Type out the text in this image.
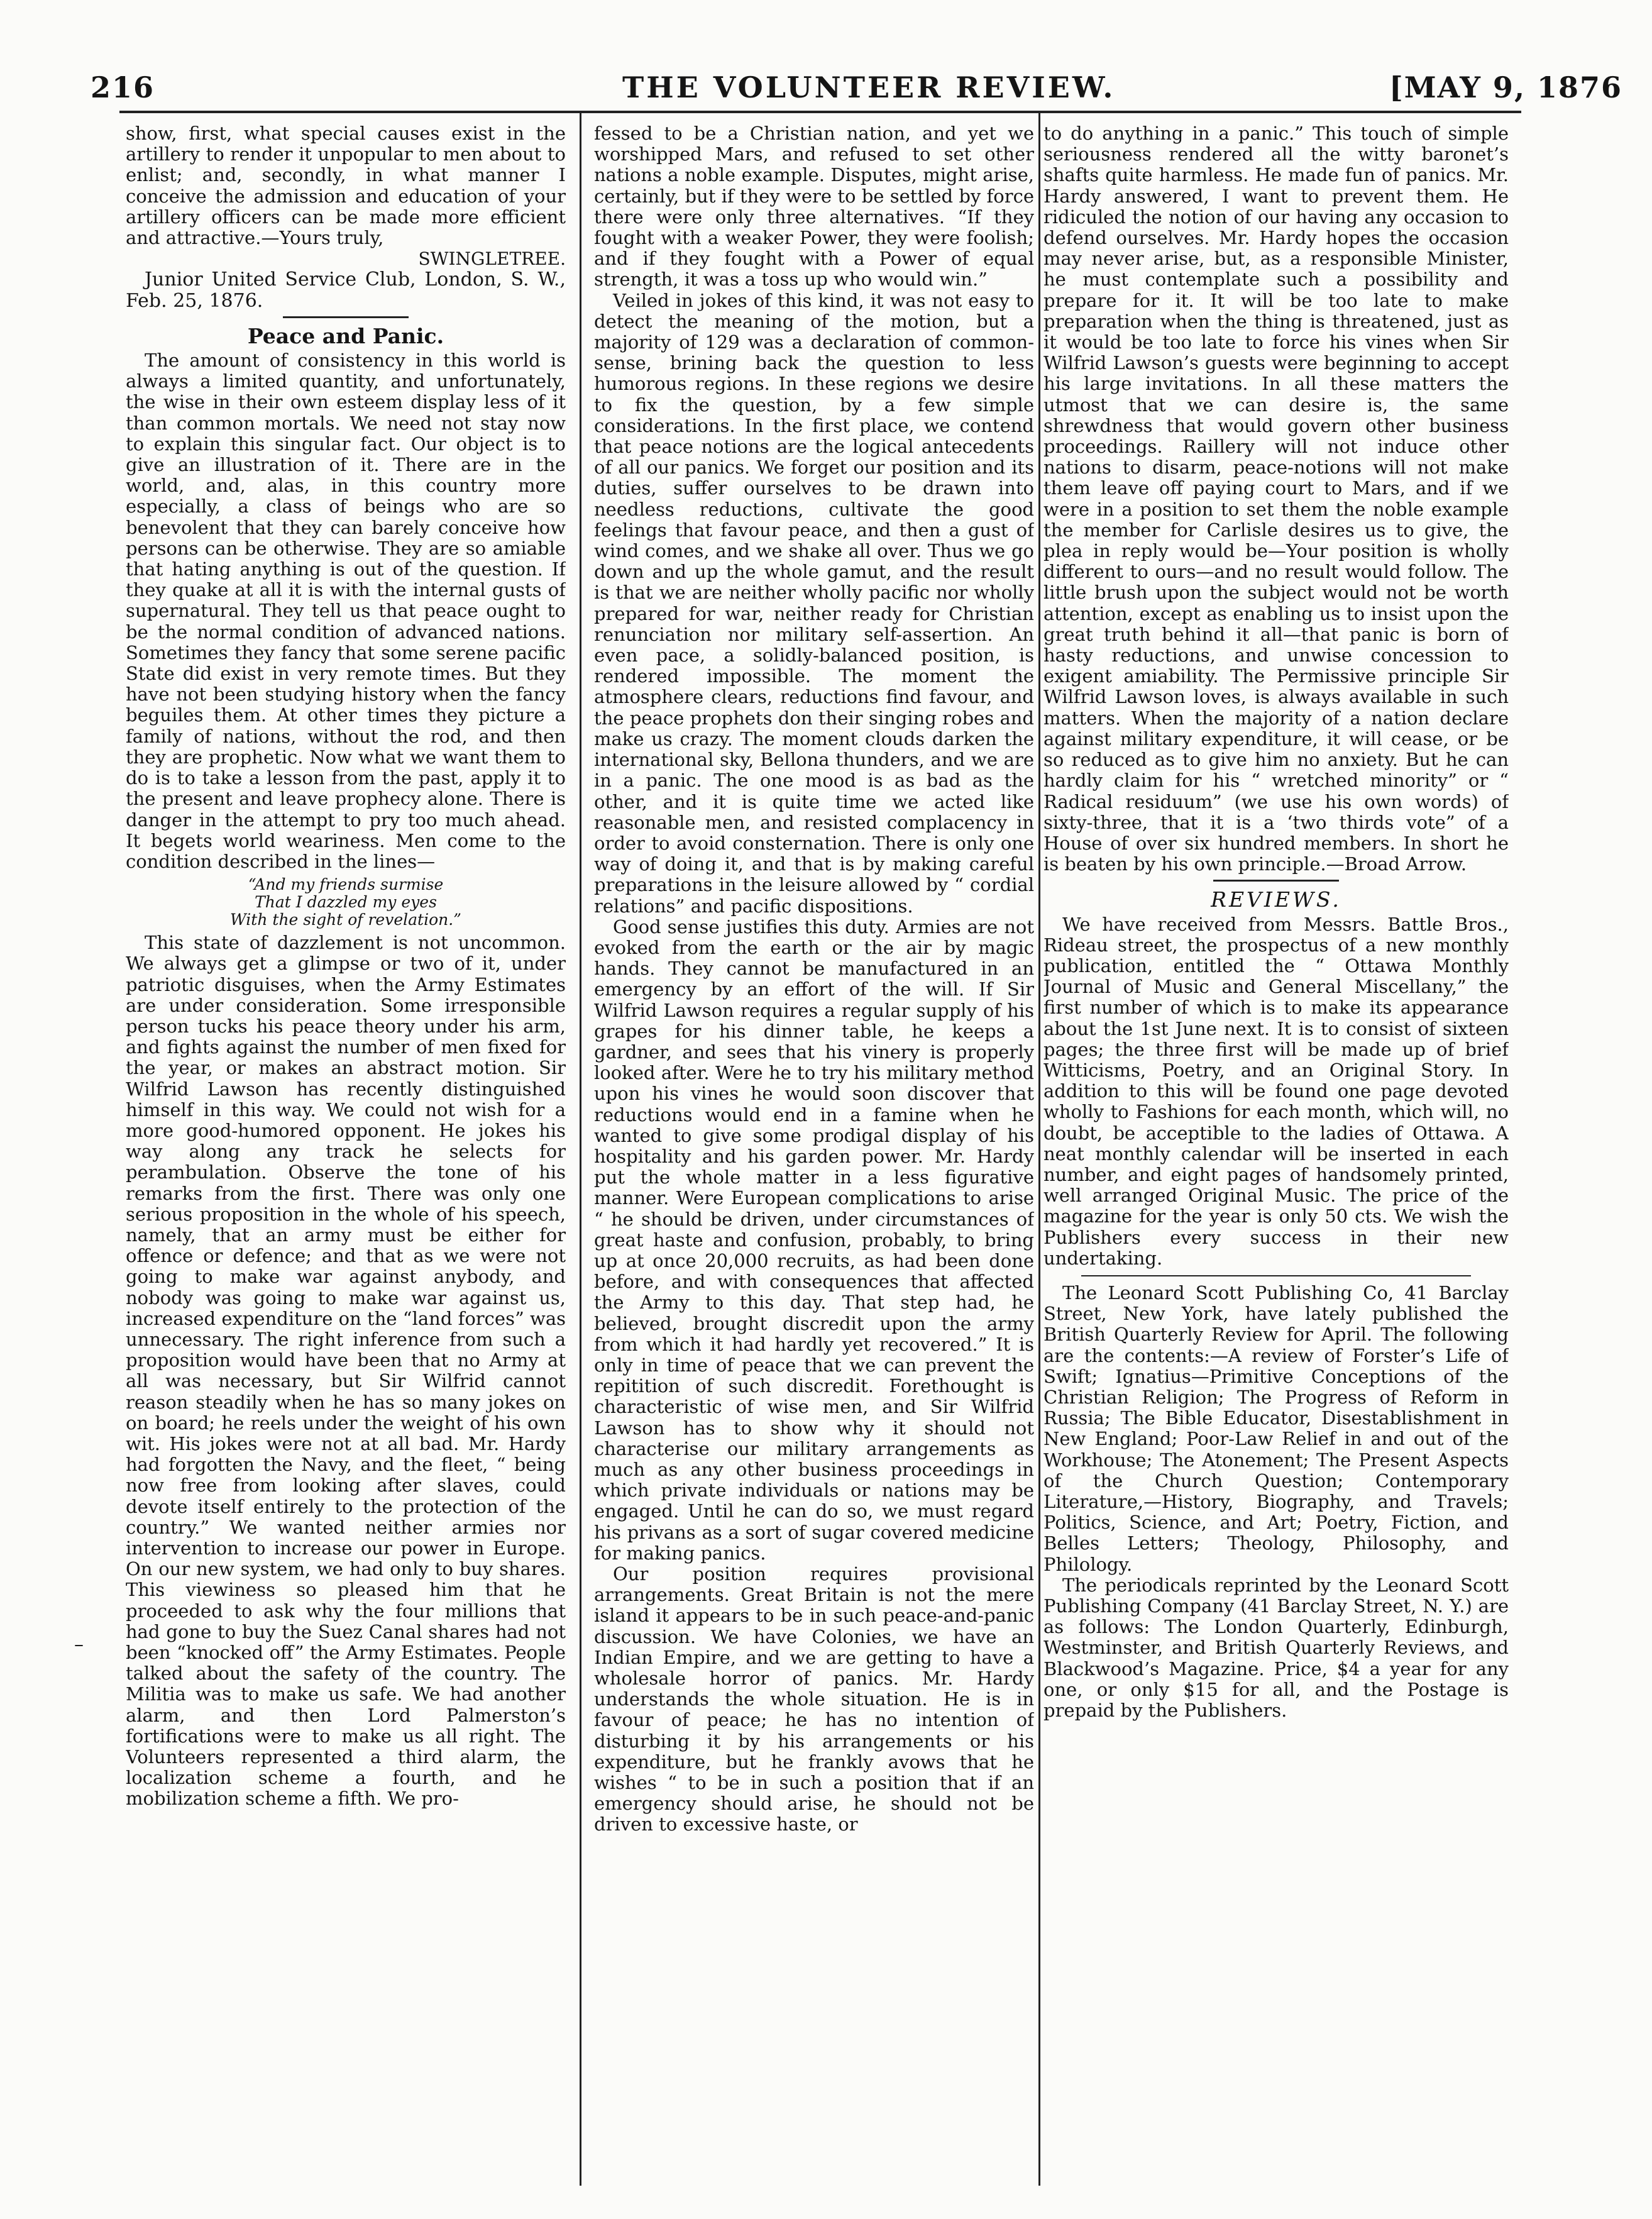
216	THE VOLUNTEER REVIEW.	[MAY 9, 1876
–

show, first, what special causes exist in the artillery to render it unpopular to men about to enlist; and, secondly, in what manner I conceive the admission and education of your artillery officers can be made more efficient and attractive.—Yours truly,

SWINGLETREE.

Junior United Service Club, London, S. W., Feb. 25, 1876.

Peace and Panic.

The amount of consistency in this world is always a limited quantity, and unfortunately, the wise in their own esteem display less of it than common mortals. We need not stay now to explain this singular fact. Our object is to give an illustration of it. There are in the world, and, alas, in this country more especially, a class of beings who are so benevolent that they can barely conceive how persons can be otherwise. They are so amiable that hating anything is out of the question. If they quake at all it is with the internal gusts of supernatural. They tell us that peace ought to be the normal condition of advanced nations. Sometimes they fancy that some serene pacific State did exist in very remote times. But they have not been studying history when the fancy beguiles them. At other times they picture a family of nations, without the rod, and then they are prophetic. Now what we want them to do is to take a lesson from the past, apply it to the present and leave prophecy alone. There is danger in the attempt to pry too much ahead. It begets world weariness. Men come to the condition described in the lines—

“And my friends surmise
That I dazzled my eyes
With the sight of revelation.”

This state of dazzlement is not uncommon. We always get a glimpse or two of it, under patriotic disguises, when the Army Estimates are under consideration. Some irresponsible person tucks his peace theory under his arm, and fights against the number of men fixed for the year, or makes an abstract motion. Sir Wilfrid Lawson has recently distinguished himself in this way. We could not wish for a more good-humored opponent. He jokes his way along any track he selects for perambulation. Observe the tone of his remarks from the first. There was only one serious proposition in the whole of his speech, namely, that an army must be either for offence or defence; and that as we were not going to make war against anybody, and nobody was going to make war against us, increased expenditure on the “land forces” was unnecessary. The right inference from such a proposition would have been that no Army at all was necessary, but Sir Wilfrid cannot reason steadily when he has so many jokes on on board; he reels under the weight of his own wit. His jokes were not at all bad. Mr. Hardy had forgotten the Navy, and the fleet, “ being now free from looking after slaves, could devote itself entirely to the protection of the country.” We wanted neither armies nor intervention to increase our power in Europe. On our new system, we had only to buy shares. This viewiness so pleased him that he proceeded to ask why the four millions that had gone to buy the Suez Canal shares had not been “knocked off” the Army Estimates. People talked about the safety of the country. The Militia was to make us safe. We had another alarm, and then Lord Palmerston’s fortifications were to make us all right. The Volunteers represented a third alarm, the localization scheme a fourth, and he mobilization scheme a fifth. We pro-

fessed to be a Christian nation, and yet we worshipped Mars, and refused to set other nations a noble example. Disputes, might arise, certainly, but if they were to be settled by force there were only three alternatives. “If they fought with a weaker Power, they were foolish; and if they fought with a Power of equal strength, it was a toss up who would win.”

Veiled in jokes of this kind, it was not easy to detect the meaning of the motion, but a majority of 129 was a declaration of common-sense, brining back the question to less humorous regions. In these regions we desire to fix the question, by a few simple considerations. In the first place, we contend that peace notions are the logical antecedents of all our panics. We forget our position and its duties, suffer ourselves to be drawn into needless reductions, cultivate the good feelings that favour peace, and then a gust of wind comes, and we shake all over. Thus we go down and up the whole gamut, and the result is that we are neither wholly pacific nor wholly prepared for war, neither ready for Christian renunciation nor military self-assertion. An even pace, a solidly-balanced position, is rendered impossible. The moment the atmosphere clears, reductions find favour, and the peace prophets don their singing robes and make us crazy. The moment clouds darken the international sky, Bellona thunders, and we are in a panic. The one mood is as bad as the other, and it is quite time we acted like reasonable men, and resisted complacency in order to avoid consternation. There is only one way of doing it, and that is by making careful preparations in the leisure allowed by “ cordial relations” and pacific dispositions.

Good sense justifies this duty. Armies are not evoked from the earth or the air by magic hands. They cannot be manufactured in an emergency by an effort of the will. If Sir Wilfrid Lawson requires a regular supply of his grapes for his dinner table, he keeps a gardner, and sees that his vinery is properly looked after. Were he to try his military method upon his vines he would soon discover that reductions would end in a famine when he wanted to give some prodigal display of his hospitality and his garden power. Mr. Hardy put the whole matter in a less figurative manner. Were European complications to arise “ he should be driven, under circumstances of great haste and confusion, probably, to bring up at once 20,000 recruits, as had been done before, and with consequences that affected the Army to this day. That step had, he believed, brought discredit upon the army from which it had hardly yet recovered.” It is only in time of peace that we can prevent the repitition of such discredit. Forethought is characteristic of wise men, and Sir Wilfrid Lawson has to show why it should not characterise our military arrangements as much as any other business proceedings in which private individuals or nations may be engaged. Until he can do so, we must regard his privans as a sort of sugar covered medicine for making panics.

Our position requires provisional arrangements. Great Britain is not the mere island it appears to be in such peace-and-panic discussion. We have Colonies, we have an Indian Empire, and we are getting to have a wholesale horror of panics. Mr. Hardy understands the whole situation. He is in favour of peace; he has no intention of disturbing it by his arrangements or his expenditure, but he frankly avows that he wishes “ to be in such a position that if an emergency should arise, he should not be driven to excessive haste, or

to do anything in a panic.” This touch of simple seriousness rendered all the witty baronet’s shafts quite harmless. He made fun of panics. Mr. Hardy answered, I want to prevent them. He ridiculed the notion of our having any occasion to defend ourselves. Mr. Hardy hopes the occasion may never arise, but, as a responsible Minister, he must contemplate such a possibility and prepare for it. It will be too late to make preparation when the thing is threatened, just as it would be too late to force his vines when Sir Wilfrid Lawson’s guests were beginning to accept his large invitations. In all these matters the utmost that we can desire is, the same shrewdness that would govern other business proceedings. Raillery will not induce other nations to disarm, peace-notions will not make them leave off paying court to Mars, and if we were in a position to set them the noble example the member for Carlisle desires us to give, the plea in reply would be—Your position is wholly different to ours—and no result would follow. The little brush upon the subject would not be worth attention, except as enabling us to insist upon the great truth behind it all—that panic is born of hasty reductions, and unwise concession to exigent amiability. The Permissive principle Sir Wilfrid Lawson loves, is always available in such matters. When the majority of a nation declare against military expenditure, it will cease, or be so reduced as to give him no anxiety. But he can hardly claim for his “ wretched minority” or “ Radical residuum” (we use his own words) of sixty-three, that it is a ‘two thirds vote” of a House of over six hundred members. In short he is beaten by his own principle.—Broad Arrow.

REVIEWS.

We have received from Messrs. Battle Bros., Rideau street, the prospectus of a new monthly publication, entitled the “ Ottawa Monthly Journal of Music and General Miscellany,” the first number of which is to make its appearance about the 1st June next. It is to consist of sixteen pages; the three first will be made up of brief Witticisms, Poetry, and an Original Story. In addition to this will be found one page devoted wholly to Fashions for each month, which will, no doubt, be acceptible to the ladies of Ottawa. A neat monthly calendar will be inserted in each number, and eight pages of handsomely printed, well arranged Original Music. The price of the magazine for the year is only 50 cts. We wish the Publishers every success in their new undertaking.

The Leonard Scott Publishing Co, 41 Barclay Street, New York, have lately published the British Quarterly Review for April. The following are the contents:—A review of Forster’s Life of Swift; Ignatius—Primitive Conceptions of the Christian Religion; The Progress of Reform in Russia; The Bible Educator, Disestablishment in New England; Poor-Law Relief in and out of the Workhouse; The Atonement; The Present Aspects of the Church Question; Contemporary Literature,—History, Biography, and Travels; Politics, Science, and Art; Poetry, Fiction, and Belles Letters; Theology, Philosophy, and Philology.

The periodicals reprinted by the Leonard Scott Publishing Company (41 Barclay Street, N. Y.) are as follows: The London Quarterly, Edinburgh, Westminster, and British Quarterly Reviews, and Blackwood’s Magazine. Price, $4 a year for any one, or only $15 for all, and the Postage is prepaid by the Publishers.
